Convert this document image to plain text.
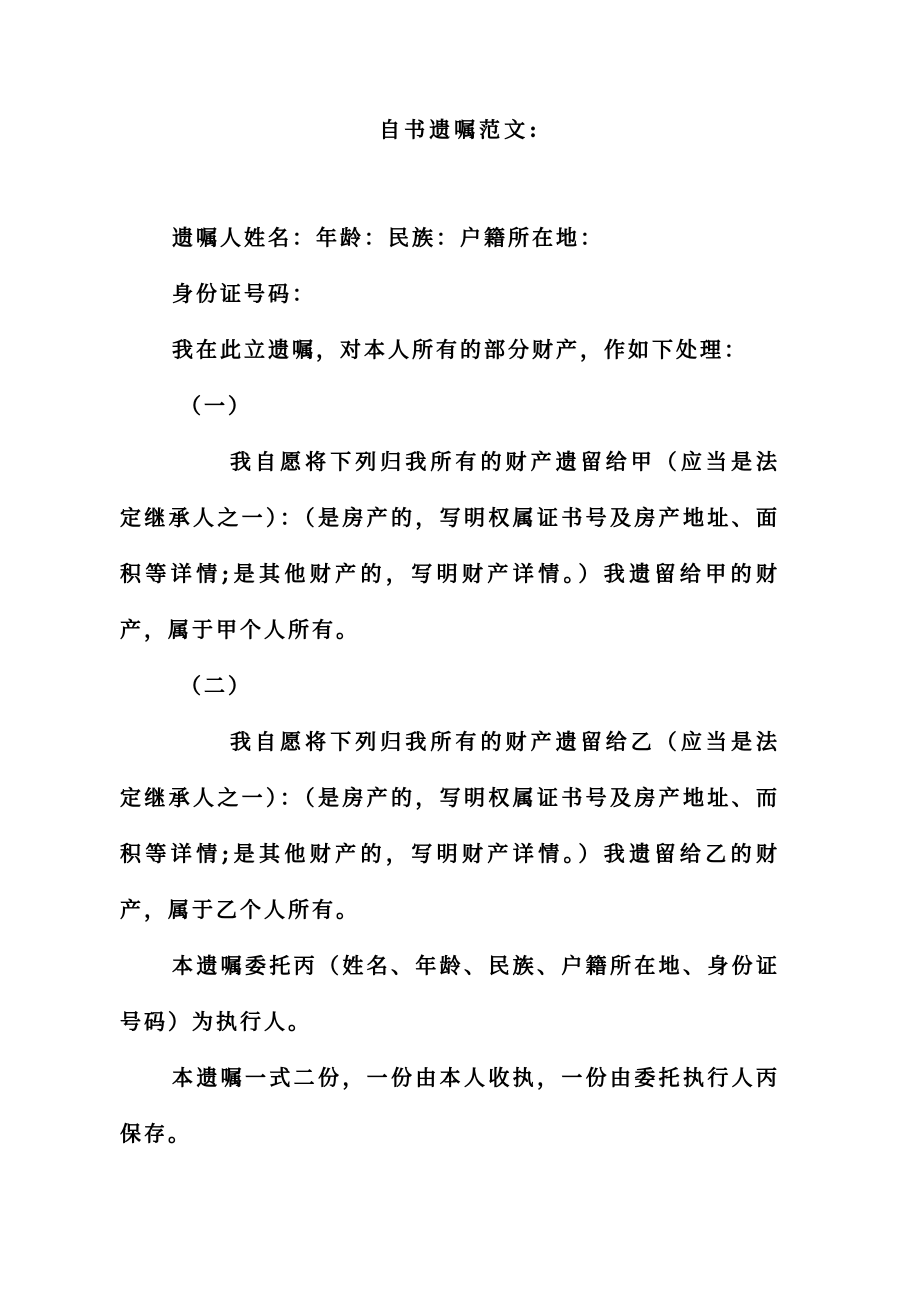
自书遗嘱范文:
遗嘱人姓名：年龄：民族：户籍所在地：
身份证号码：
我在此立遗嘱，对本人所有的部分财产，作如下处理：
（一）
我自愿将下列归我所有的财产遗留给甲（应当是法定继承人之一）：（是房产的，写明权属证书号及房产地址、面积等详情;是其他财产的，写明财产详情。）我遗留给甲的财产，属于甲个人所有。
（二）
我自愿将下列归我所有的财产遗留给乙（应当是法定继承人之一）：（是房产的，写明权属证书号及房产地址、而积等详情;是其他财产的，写明财产详情。）我遗留给乙的财产，属于乙个人所有。
本遗嘱委托丙（姓名、年龄、民族、户籍所在地、身份证号码）为执行人。
本遗嘱一式二份，一份由本人收执，一份由委托执行人丙保存。
